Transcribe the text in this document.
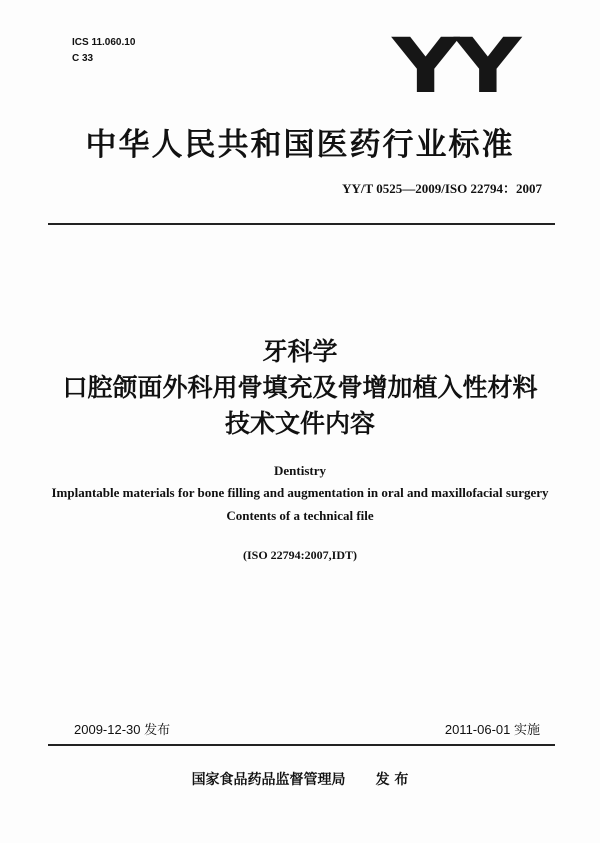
ICS 11.060.10
C 33	YY
中华人民共和国医药行业标准
YY/T 0525—2009/ISO 22794：2007
牙科学
口腔颌面外科用骨填充及骨增加植入性材料
技术文件内容
Dentistry
Implantable materials for bone filling and augmentation in oral and maxillofacial surgery
Contents of a technical file
(ISO 22794:2007,IDT)
2009-12-30 发布	2011-06-01 实施
国家食品药品监督管理局 发 布
